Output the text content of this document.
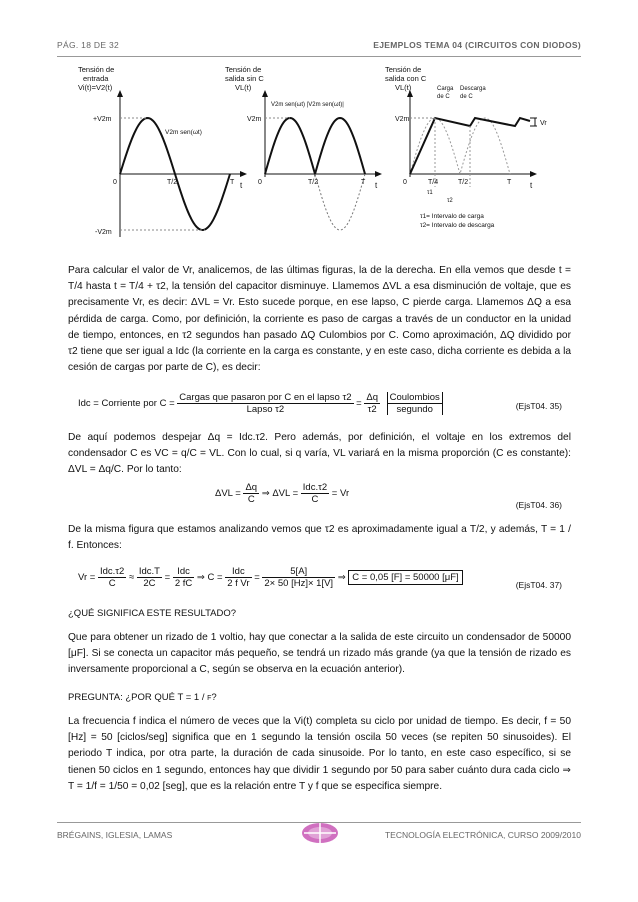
PÁG. 18 DE 32	EJEMPLOS TEMA 04 (CIRCUITOS CON DIODOS)
Tensión de
entrada
Vi(t)=V2(t)
+V2m
-V2m
V2m sen(ωt)
0	T/2	T t
Tensión de
salida sin C
VL(t)
V2m
V2m sen(ωt) |V2m sen(ωt)|
0	T/2	T t
Tensión de
salida con C
VL(t)
V2m
Vr
Carga
de C
Descarga
de C
0	T/4	T/2	T t
τ1
τ2
τ1= Intervalo de carga
τ2= Intervalo de descarga
Para calcular el valor de Vr, analicemos, de las últimas figuras, la de la derecha. En ella vemos que desde t = T/4 hasta t = T/4 + τ2, la tensión del capacitor disminuye. Llamemos ΔVL a esa disminución de voltaje, que es precisamente Vr, es decir: ΔVL = Vr. Esto sucede porque, en ese lapso, C pierde carga. Llamemos ΔQ a esa pérdida de carga. Como, por definición, la corriente es paso de cargas a través de un conductor en la unidad de tiempo, entonces, en τ2 segundos han pasado ΔQ Culombios por C. Como aproximación, ΔQ dividido por τ2 tiene que ser igual a Idc (la corriente en la carga es constante, y en este caso, dicha corriente es debida a la cesión de cargas por parte de C), es decir:
Idc = Corriente por $C = \frac{\text{Cargas que pasaron por C en el lapso τ2}}{\text{Lapso τ2}} = \frac{\Delta q}{\tau 2}$
$\frac{\text{Coulombios}}{\text{segundo}}$	(EjsT04. 35)
De aquí podemos despejar Δq = Idc.τ2. Pero además, por definición, el voltaje en los extremos del condensador C es VC = q/C = VL. Con lo cual, si q varía, VL variará en la misma proporción (C es constante): ΔVL = Δq/C. Por lo tanto:
$\Delta VL = \frac{\Delta q}{C}$ ⇒ $\Delta VL = \frac{\text{Idc.τ2}}{C} = Vr$
(EjsT04. 36)
De la misma figura que estamos analizando vemos que τ2 es aproximadamente igual a T/2, y además, T = 1 / f. Entonces:
$Vr = \frac{\text{Idc.τ2}}{C} \approx \frac{\text{Idc.T}}{2C} = \frac{\text{Idc}}{2 fC}$ ⇒ $C = \frac{\text{Idc}}{\text{2 f Vr}} = \frac{5[A]}{2\times 50 [Hz]\times 1[V]}$ ⇒ C = 0,05 [F] = 50000 [μF]
(EjsT04. 37)
¿QUÉ SIGNIFICA ESTE RESULTADO?
Que para obtener un rizado de 1 voltio, hay que conectar a la salida de este circuito un condensador de 50000 [μF]. Si se conecta un capacitor más pequeño, se tendrá un rizado más grande (ya que la tensión de rizado es inversamente proporcional a C, según se observa en la ecuación anterior).
PREGUNTA: ¿POR QUÉ T = 1 / f?
La frecuencia f indica el número de veces que la Vi(t) completa su ciclo por unidad de tiempo. Es decir, f = 50 [Hz] = 50 [ciclos/seg] significa que en 1 segundo la tensión oscila 50 veces (se repiten 50 sinusoides). El periodo T indica, por otra parte, la duración de cada sinusoide. Por lo tanto, en este caso específico, si se tienen 50 ciclos en 1 segundo, entonces hay que dividir 1 segundo por 50 para saber cuánto dura cada ciclo ⇒ T = 1/f = 1/50 = 0,02 [seg], que es la relación entre T y f que se especifica siempre.
BRÉGAINS, IGLESIA, LAMAS	TECNOLOGÍA ELECTRÓNICA, CURSO 2009/2010
